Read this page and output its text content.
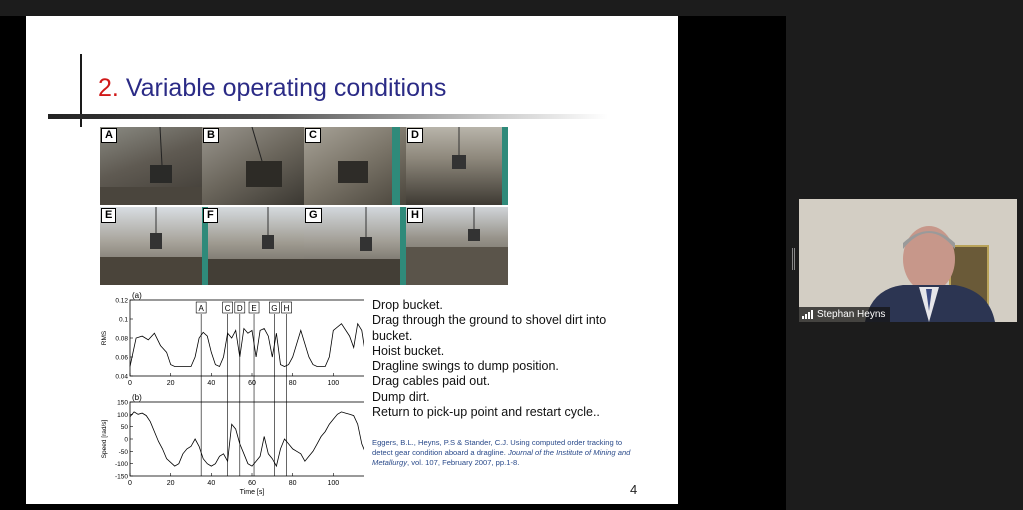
2. Variable operating conditions
A	B	C	D
E	F	G	H
(a)
0	20	40	60	80	100
0.04
0.06
0.08
0.1
0.12
RMS
(b)
0	20	40	60	80	100
-150
-100
-50
0
50
100
150
Speed [rad/s]
Time [s]
A	C D E G H	Drop bucket.
Drag through the ground to shovel dirt into bucket.
Hoist bucket.
Dragline swings to dump position.
Drag cables paid out.
Dump dirt.
Return to pick-up point and restart cycle..
Eggers, B.L., Heyns, P.S & Stander, C.J. Using computed order tracking to detect gear condition aboard a dragline. Journal of the Institute of Mining and Metallurgy, vol. 107, February 2007, pp.1-8.
4
Stephan Heyns
